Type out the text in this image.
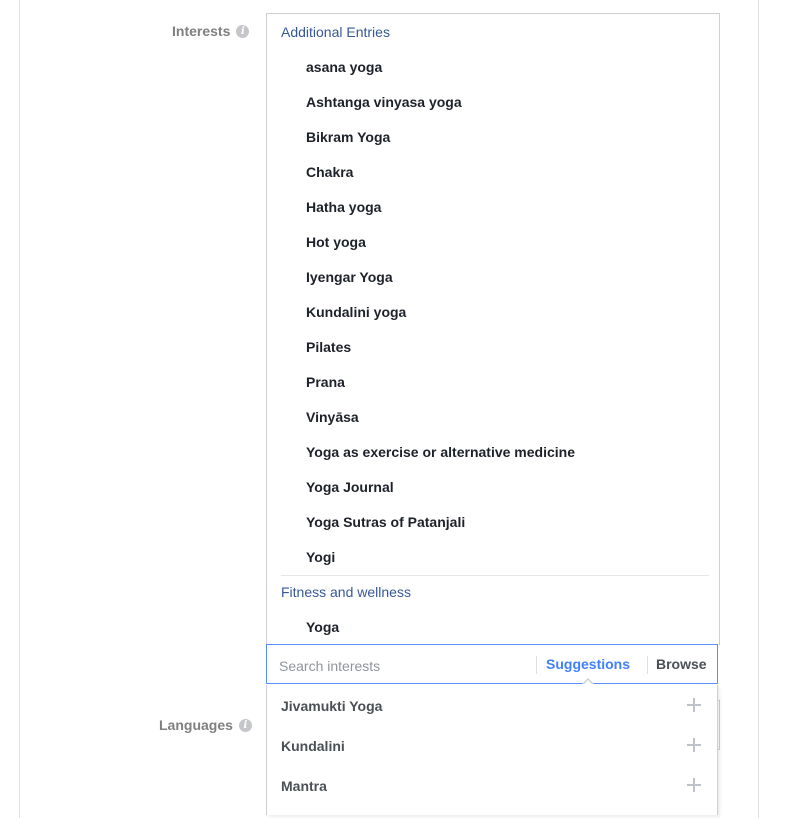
Interests	i	Additional Entries
asana yoga
Ashtanga vinyasa yoga
Bikram Yoga
Chakra
Hatha yoga
Hot yoga
Iyengar Yoga
Kundalini yoga
Pilates
Prana
Vinyāsa
Yoga as exercise or alternative medicine
Yoga Journal
Yoga Sutras of Patanjali
Yogi
Fitness and wellness
Yoga
Search interests
Suggestions Browse
Languages	i
Jivamukti Yoga
Kundalini
Mantra
